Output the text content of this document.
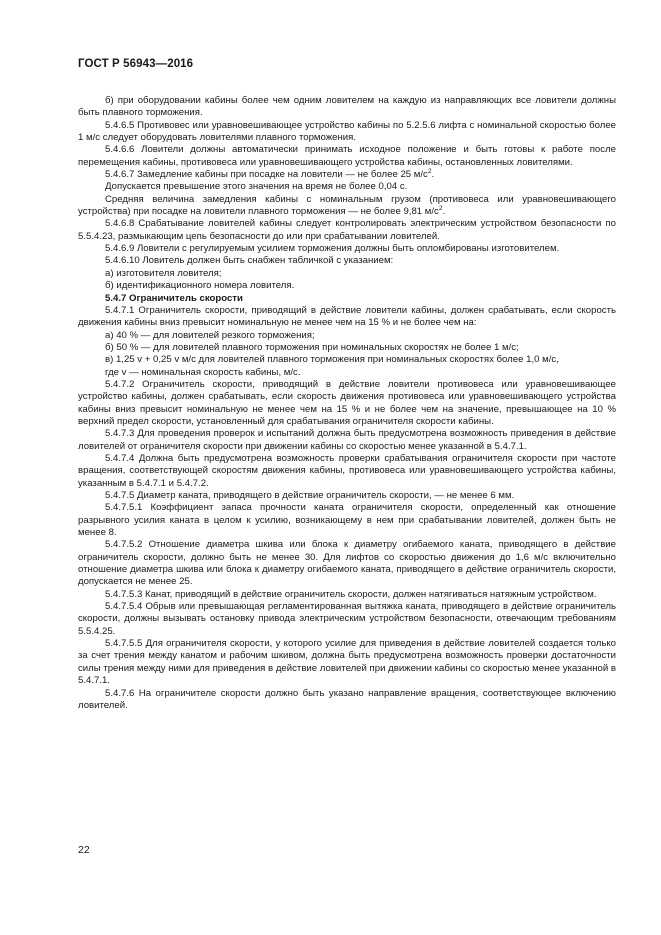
ГОСТ Р 56943—2016

б) при оборудовании кабины более чем одним ловителем на каждую из направляющих все ловители должны быть плавного торможения.

5.4.6.5 Противовес или уравновешивающее устройство кабины по 5.2.5.6 лифта с номинальной скоростью более 1 м/с следует оборудовать ловителями плавного торможения.

5.4.6.6 Ловители должны автоматически принимать исходное положение и быть готовы к работе после перемещения кабины, противовеса или уравновешивающего устройства кабины, остановленных ловителями.

5.4.6.7 Замедление кабины при посадке на ловители — не более 25 $м/с^2$.

Допускается превышение этого значения на время не более 0,04 с.

Средняя величина замедления кабины с номинальным грузом (противовеса или уравновешивающего устройства) при посадке на ловители плавного торможения — не более 9,81 $м/с^2$.

5.4.6.8 Срабатывание ловителей кабины следует контролировать электрическим устройством безопасности по 5.5.4.23, размыкающим цепь безопасности до или при срабатывании ловителей.

5.4.6.9 Ловители с регулируемым усилием торможения должны быть опломбированы изготовителем.

5.4.6.10 Ловитель должен быть снабжен табличкой с указанием:

а) изготовителя ловителя;

б) идентификационного номера ловителя.

5.4.7 Ограничитель скорости

5.4.7.1 Ограничитель скорости, приводящий в действие ловители кабины, должен срабатывать, если скорость движения кабины вниз превысит номинальную не менее чем на 15 % и не более чем на:

а) 40 % — для ловителей резкого торможения;

б) 50 % — для ловителей плавного торможения при номинальных скоростях не более 1 м/с;

в) 1,25 v + 0,25 v м/с для ловителей плавного торможения при номинальных скоростях более 1,0 м/с,

где v — номинальная скорость кабины, м/с.

5.4.7.2 Ограничитель скорости, приводящий в действие ловители противовеса или уравновешивающее устройство кабины, должен срабатывать, если скорость движения противовеса или уравновешивающего устройства кабины вниз превысит номинальную не менее чем на 15 % и не более чем на значение, превышающее на 10 % верхний предел скорости, установленный для срабатывания ограничителя скорости кабины.

5.4.7.3 Для проведения проверок и испытаний должна быть предусмотрена возможность приведения в действие ловителей от ограничителя скорости при движении кабины со скоростью менее указанной в 5.4.7.1.

5.4.7.4 Должна быть предусмотрена возможность проверки срабатывания ограничителя скорости при частоте вращения, соответствующей скоростям движения кабины, противовеса или уравновешивающего устройства кабины, указанным в 5.4.7.1 и 5.4.7.2.

5.4.7.5 Диаметр каната, приводящего в действие ограничитель скорости, — не менее 6 мм.

5.4.7.5.1 Коэффициент запаса прочности каната ограничителя скорости, определенный как отношение разрывного усилия каната в целом к усилию, возникающему в нем при срабатывании ловителей, должен быть не менее 8.

5.4.7.5.2 Отношение диаметра шкива или блока к диаметру огибаемого каната, приводящего в действие ограничитель скорости, должно быть не менее 30. Для лифтов со скоростью движения до 1,6 м/с включительно отношение диаметра шкива или блока к диаметру огибаемого каната, приводящего в действие ограничитель скорости, допускается не менее 25.

5.4.7.5.3 Канат, приводящий в действие ограничитель скорости, должен натягиваться натяжным устройством.

5.4.7.5.4 Обрыв или превышающая регламентированная вытяжка каната, приводящего в действие ограничитель скорости, должны вызывать остановку привода электрическим устройством безопасности, отвечающим требованиям 5.5.4.25.

5.4.7.5.5 Для ограничителя скорости, у которого усилие для приведения в действие ловителей создается только за счет трения между канатом и рабочим шкивом, должна быть предусмотрена возможность проверки достаточности силы трения между ними для приведения в действие ловителей при движении кабины со скоростью менее указанной в 5.4.7.1.

5.4.7.6 На ограничителе скорости должно быть указано направление вращения, соответствующее включению ловителей.

22
